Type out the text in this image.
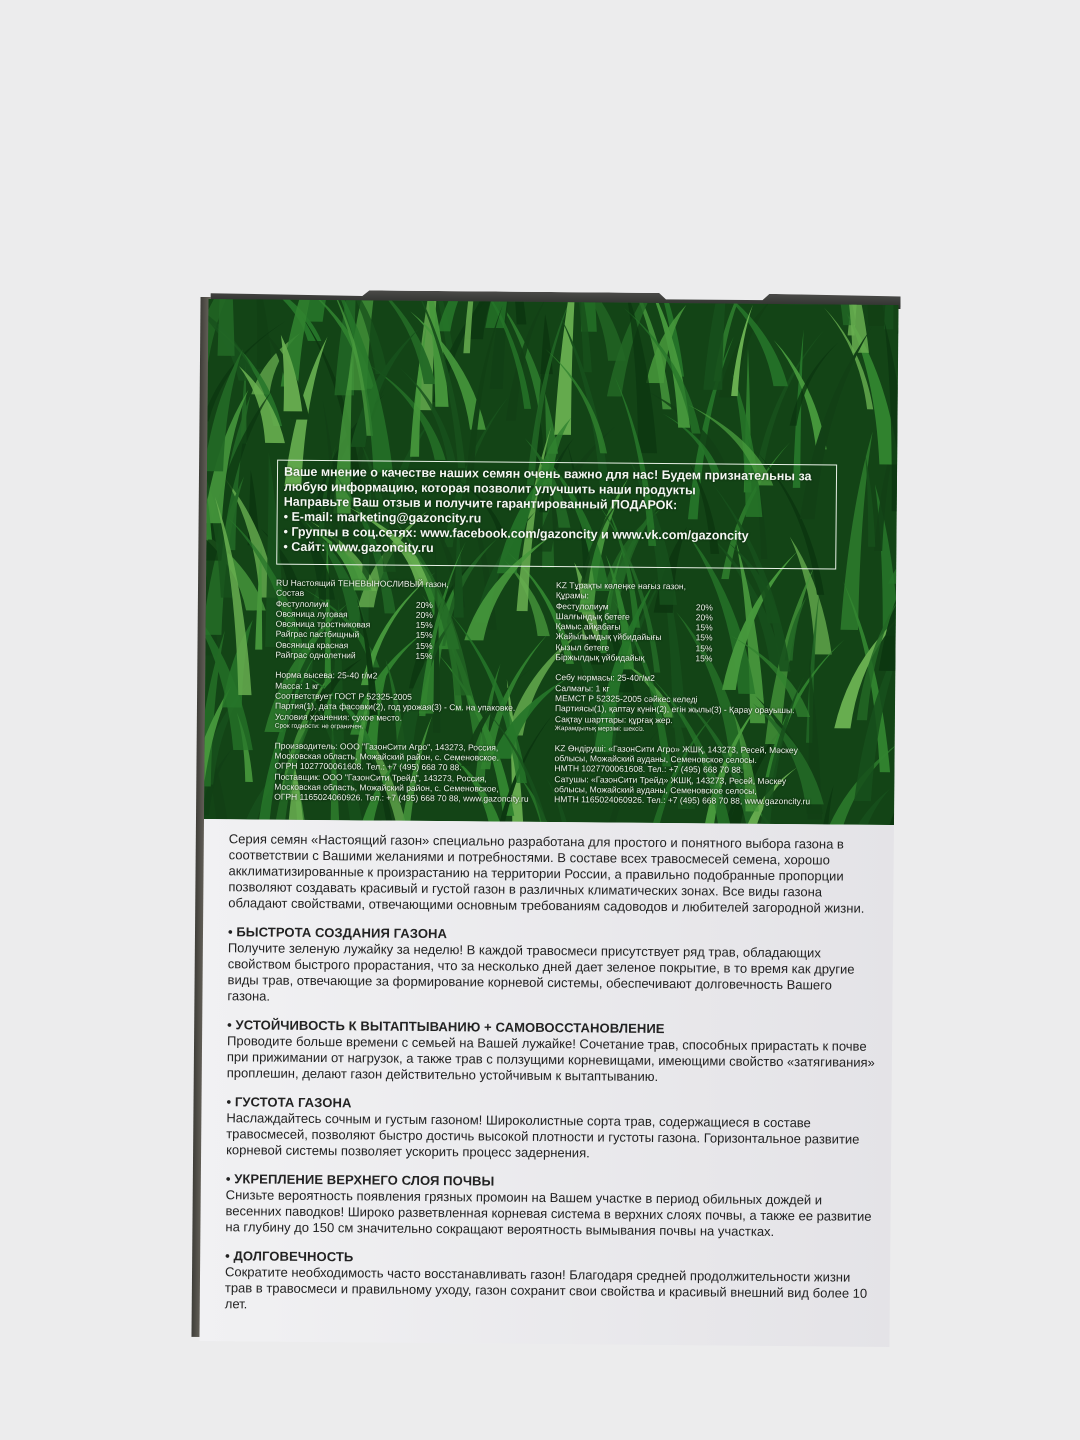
Ваше мнение о качестве наших семян очень важно для нас! Будем признательны за
любую информацию, которая позволит улучшить наши продукты
Направьте Ваш отзыв и получите гарантированный ПОДАРОК:
• E-mail: marketing@gazoncity.ru
• Группы в соц.сетях: www.facebook.com/gazoncity и www.vk.com/gazoncity
• Сайт: www.gazoncity.ru
RU Настоящий ТЕНЕВЫНОСЛИВЫЙ газон,
Состав
Фестулолиум	20%
Овсяница луговая	20%
Овсяница тростниковая	15%
Райграс пастбищный	15%
Овсяница красная	15%
Райграс однолетний	15%
Норма высева: 25-40 г/м2
Масса: 1 кг
Соответствует ГОСТ Р 52325-2005
Партия(1), дата фасовки(2), год урожая(3) - См. на упаковке.
Условия хранения: сухое место.
Срок годности: не ограничен.
Производитель: ООО "ГазонСити Агро", 143273, Россия,
Московская область, Можайский район, с. Семеновское.
ОГРН 1027700061608. Тел.: +7 (495) 668 70 88.
Поставщик: ООО "ГазонСити Трейд", 143273, Россия,
Московская область, Можайский район, с. Семеновское,
ОГРН 1165024060926. Тел.: +7 (495) 668 70 88, www.gazoncity.ru
KZ Тұрақты көлеңке нағыз газон,
Құрамы:
Фестулолиум	20%
Шалғындық бетеге	20%
Қамыс айқабағы	15%
Жайылымдық үйбидайығы	15%
Қызыл бетеге	15%
Біржылдық үйбидайық	15%
Себу нормасы: 25-40г/м2
Салмағы: 1 кг
МЕМСТ Р 52325-2005 сәйкес келеді
Партиясы(1), қаптау күнін(2), егін жылы(3) - Қарау орауышы.
Сақтау шарттары: құрғақ жер.
Жарамдылық мерзімі: шексіз.
KZ Өндіруші: «ГазонСити Агро» ЖШҚ, 143273, Ресей, Мәскеу
облысы, Можайский ауданы, Семеновское селосы.
НМТН 1027700061608. Тел.: +7 (495) 668 70 88.
Сатушы: «ГазонСити Трейд» ЖШҚ, 143273, Ресей, Мәскеу
облысы, Можайский ауданы, Семеновское селосы,
НМТН 1165024060926. Тел.: +7 (495) 668 70 88, www.gazoncity.ru

Серия семян «Настоящий газон» специально разработана для простого и понятного выбора газона в соответствии с Вашими желаниями и потребностями. В составе всех травосмесей семена, хорошо акклиматизированные к произрастанию на территории России, а правильно подобранные пропорции позволяют создавать красивый и густой газон в различных климатических зонах. Все виды газона обладают свойствами, отвечающими основным требованиям садоводов и любителей загородной жизни.

• БЫСТРОТА СОЗДАНИЯ ГАЗОНА

Получите зеленую лужайку за неделю! В каждой травосмеси присутствует ряд трав, обладающих свойством быстрого прорастания, что за несколько дней дает зеленое покрытие, в то время как другие виды трав, отвечающие за формирование корневой системы, обеспечивают долговечность Вашего газона.

• УСТОЙЧИВОСТЬ К ВЫТАПТЫВАНИЮ + САМОВОССТАНОВЛЕНИЕ

Проводите больше времени с семьей на Вашей лужайке! Сочетание трав, способных прирастать к почве при прижимании от нагрузок, а также трав с ползущими корневищами, имеющими свойство «затягивания» проплешин, делают газон действительно устойчивым к вытаптыванию.

• ГУСТОТА ГАЗОНА

Наслаждайтесь сочным и густым газоном! Широколистные сорта трав, содержащиеся в составе травосмесей, позволяют быстро достичь высокой плотности и густоты газона. Горизонтальное развитие корневой системы позволяет ускорить процесс задернения.

• УКРЕПЛЕНИЕ ВЕРХНЕГО СЛОЯ ПОЧВЫ

Снизьте вероятность появления грязных промоин на Вашем участке в период обильных дождей и весенних паводков! Широко разветвленная корневая система в верхних слоях почвы, а также ее развитие на глубину до 150 см значительно сокращают вероятность вымывания почвы на участках.

• ДОЛГОВЕЧНОСТЬ

Сократите необходимость часто восстанавливать газон! Благодаря средней продолжительности жизни трав в травосмеси и правильному уходу, газон сохранит свои свойства и красивый внешний вид более 10 лет.
